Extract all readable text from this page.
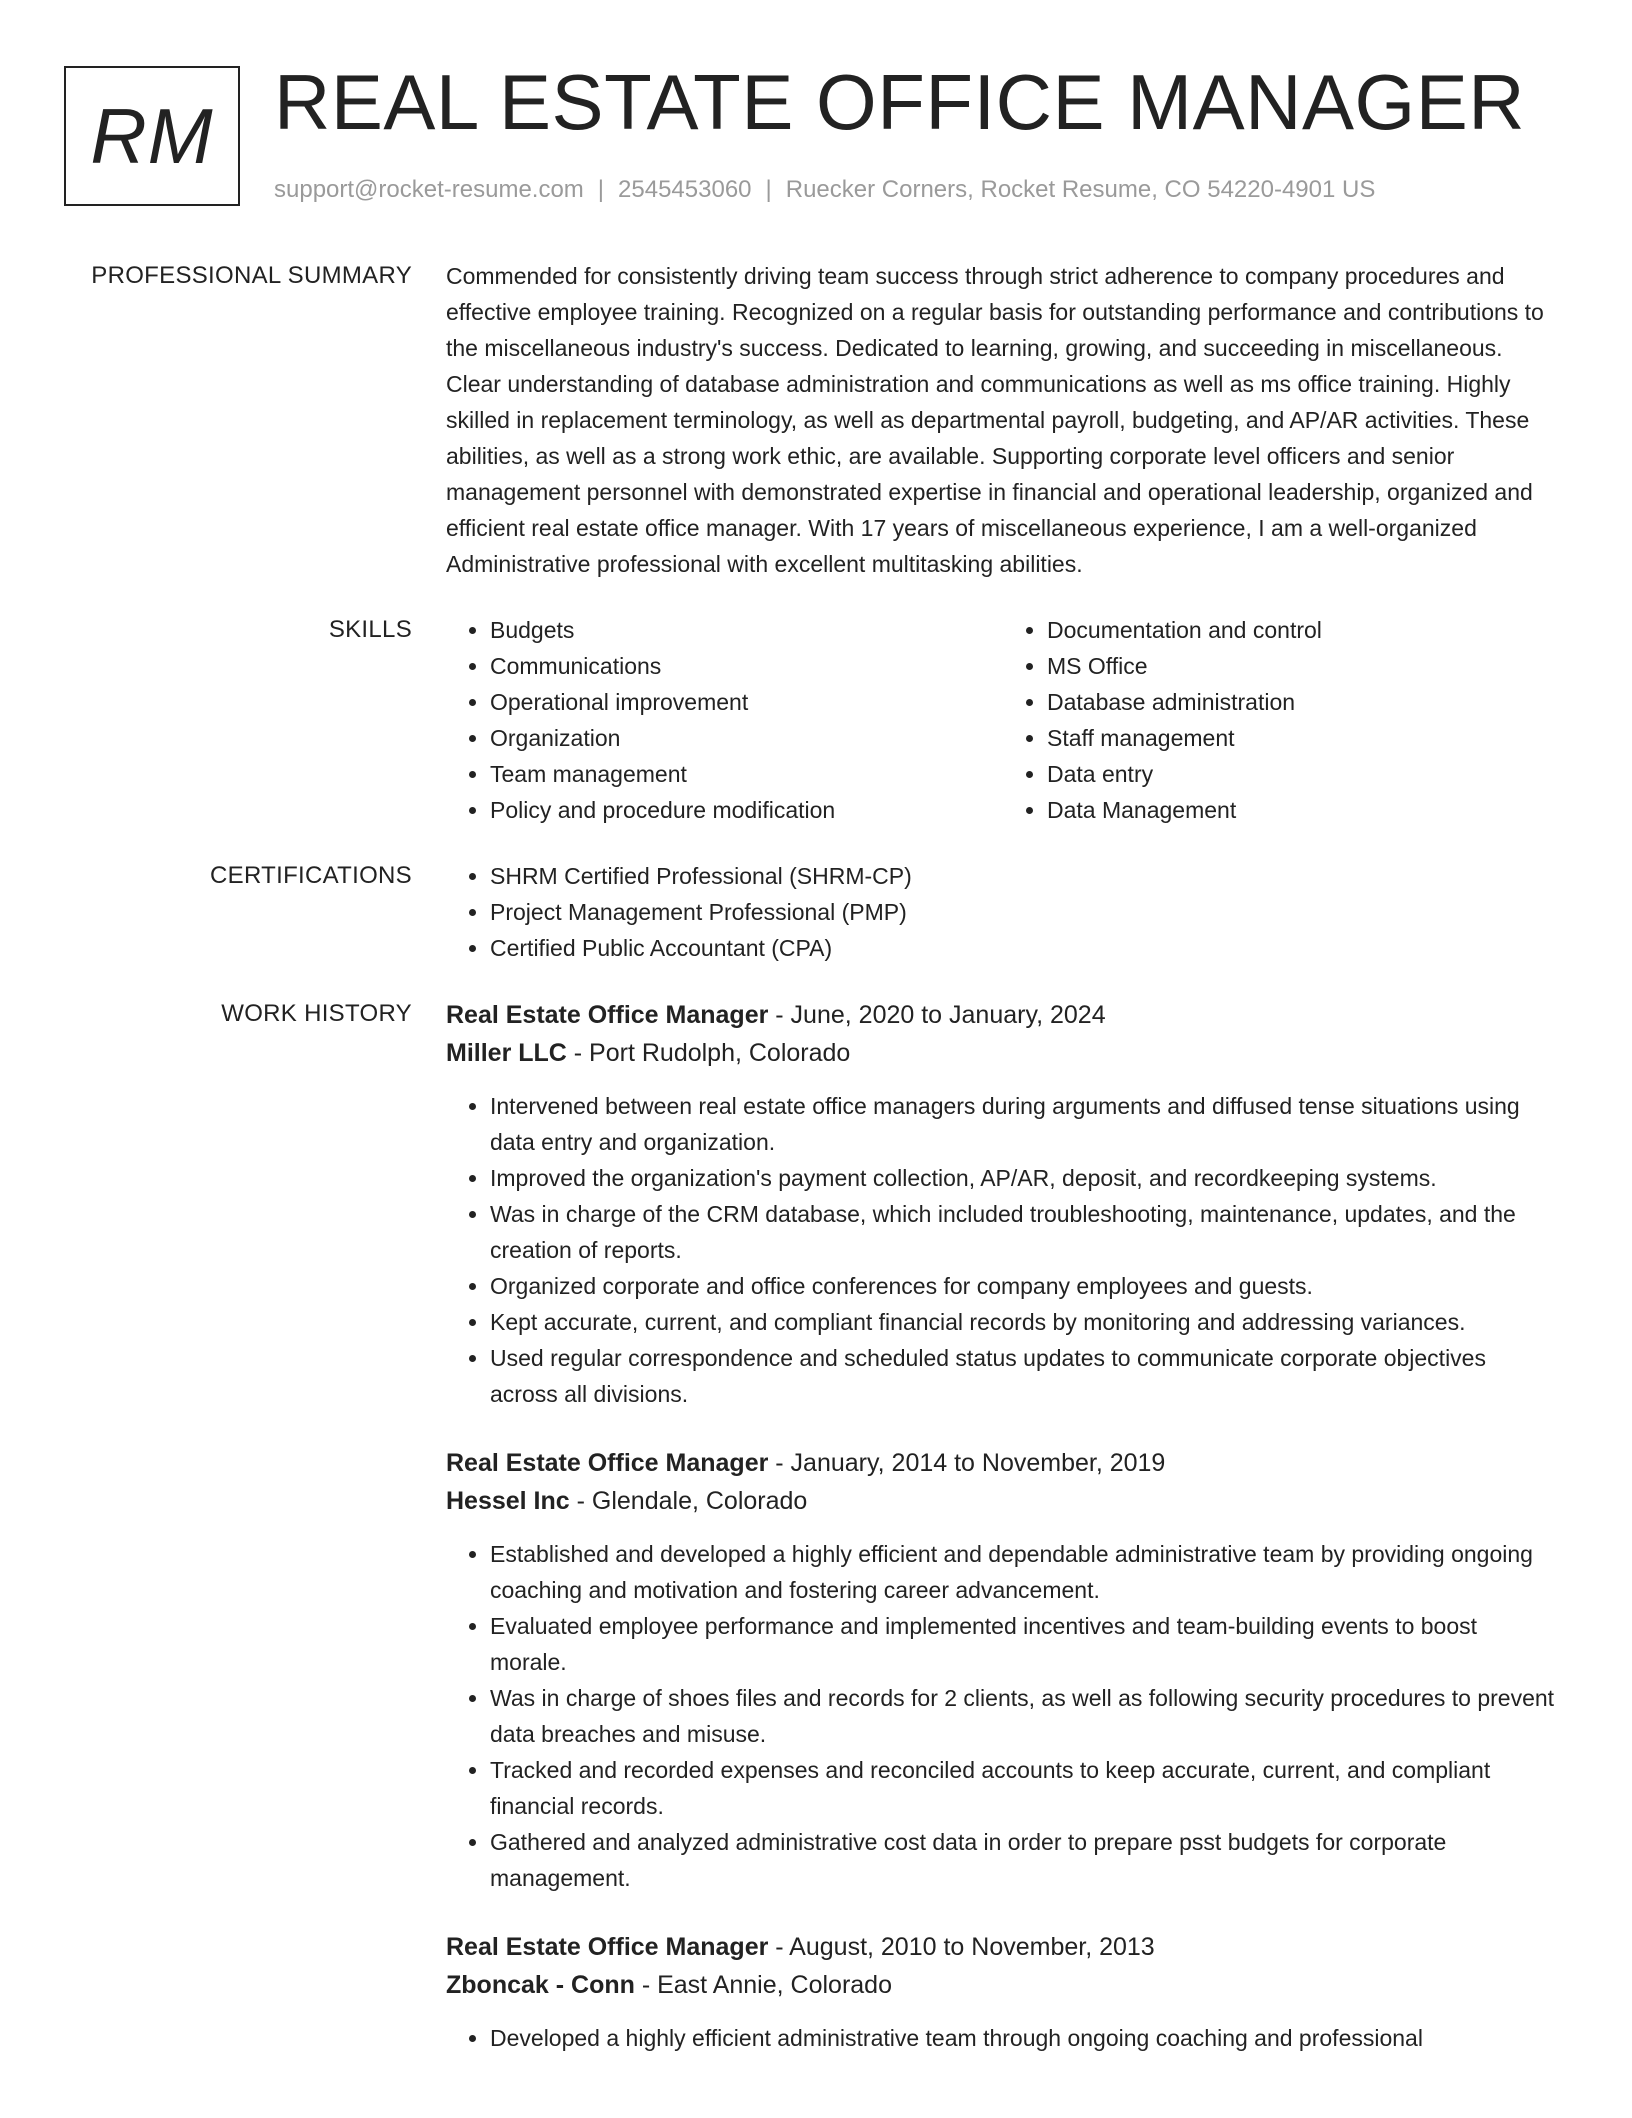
RM REAL ESTATE OFFICE MANAGER
support@rocket-resume.com | 2545453060 | Ruecker Corners, Rocket Resume, CO 54220-4901 US
PROFESSIONAL SUMMARY Commended for consistently driving team success through strict adherence to company procedures and effective employee training. Recognized on a regular basis for outstanding performance and contributions to the miscellaneous industry's success. Dedicated to learning, growing, and succeeding in miscellaneous. Clear understanding of database administration and communications as well as ms office training. Highly skilled in replacement terminology, as well as departmental payroll, budgeting, and AP/AR activities. These abilities, as well as a strong work ethic, are available. Supporting corporate level officers and senior management personnel with demonstrated expertise in financial and operational leadership, organized and efficient real estate office manager. With 17 years of miscellaneous experience, I am a well-organized Administrative professional with excellent multitasking abilities.

SKILLS	• Budgets
• Communications
• Operational improvement
• Organization
• Team management
• Policy and procedure modification
• Documentation and control
• MS Office
• Database administration
• Staff management
• Data entry
• Data Management
CERTIFICATIONS	• SHRM Certified Professional (SHRM-CP)
• Project Management Professional (PMP)
• Certified Public Accountant (CPA)
WORK HISTORY Real Estate Office Manager - June, 2020 to January, 2024
Miller LLC - Port Rudolph, Colorado
• Intervened between real estate office managers during arguments and diffused tense situations using data entry and organization.
• Improved the organization's payment collection, AP/AR, deposit, and recordkeeping systems.
• Was in charge of the CRM database, which included troubleshooting, maintenance, updates, and the creation of reports.
• Organized corporate and office conferences for company employees and guests.
• Kept accurate, current, and compliant financial records by monitoring and addressing variances.
• Used regular correspondence and scheduled status updates to communicate corporate objectives across all divisions.
Real Estate Office Manager - January, 2014 to November, 2019
Hessel Inc - Glendale, Colorado
• Established and developed a highly efficient and dependable administrative team by providing ongoing coaching and motivation and fostering career advancement.
• Evaluated employee performance and implemented incentives and team-building events to boost morale.
• Was in charge of shoes files and records for 2 clients, as well as following security procedures to prevent data breaches and misuse.
• Tracked and recorded expenses and reconciled accounts to keep accurate, current, and compliant financial records.
• Gathered and analyzed administrative cost data in order to prepare psst budgets for corporate management.
Real Estate Office Manager - August, 2010 to November, 2013
Zboncak - Conn - East Annie, Colorado
• Developed a highly efficient administrative team through ongoing coaching and professional
